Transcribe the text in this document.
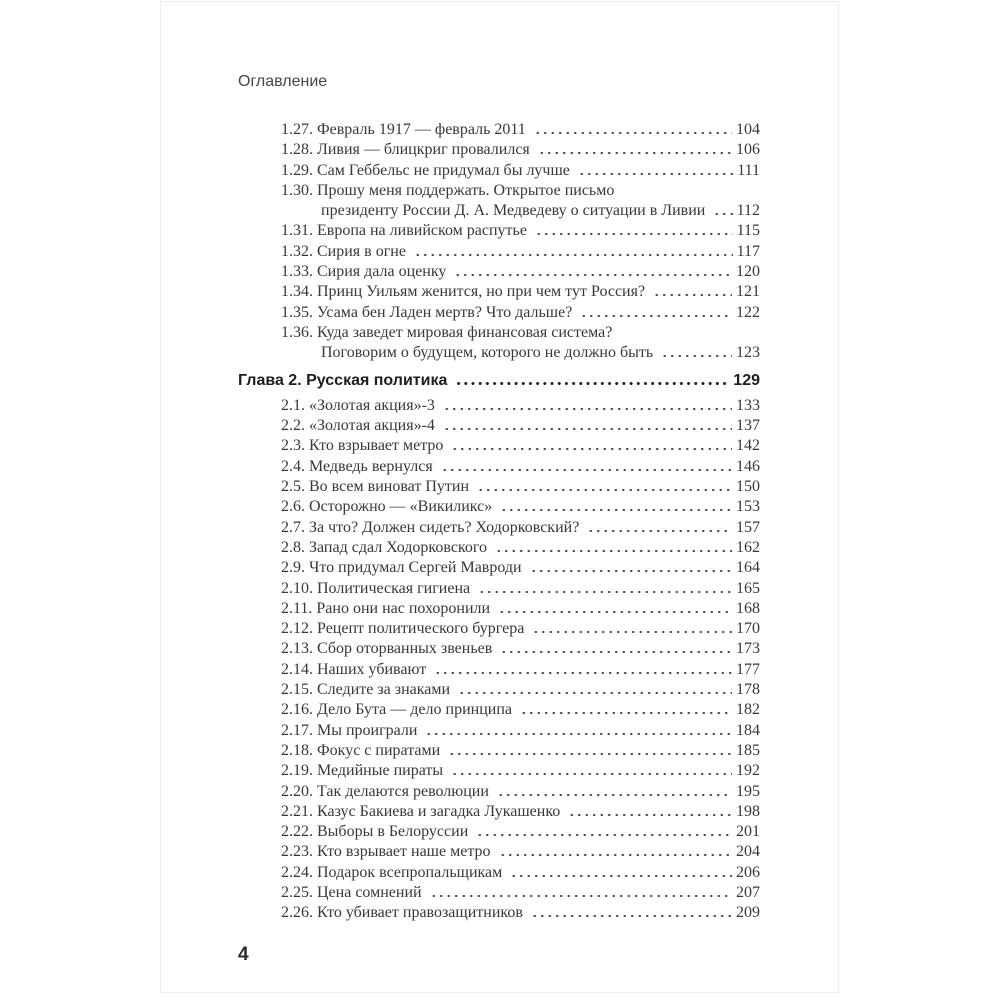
Оглавление
1.27. Февраль 1917 — февраль 2011	104
1.28. Ливия — блицкриг провалился	106
1.29. Сам Геббельс не придумал бы лучше	111
1.30. Прошу меня поддержать. Открытое письмо
президенту России Д. А. Медведеву о ситуации в Ливии 112
1.31. Европа на ливийском распутье	115
1.32. Сирия в огне	117
1.33. Сирия дала оценку	120
1.34. Принц Уильям женится, но при чем тут Россия?	121
1.35. Усама бен Ладен мертв? Что дальше?	122
1.36. Куда заведет мировая финансовая система?
Поговорим о будущем, которого не должно быть	123
Глава 2. Русская политика	129
2.1. «Золотая акция»-3	133
2.2. «Золотая акция»-4	137
2.3. Кто взрывает метро	142
2.4. Медведь вернулся	146
2.5. Во всем виноват Путин	150
2.6. Осторожно — «Викиликс»	153
2.7. За что? Должен сидеть? Ходорковский?	157
2.8. Запад сдал Ходорковского	162
2.9. Что придумал Сергей Мавроди	164
2.10. Политическая гигиена	165
2.11. Рано они нас похоронили	168
2.12. Рецепт политического бургера	170
2.13. Сбор оторванных звеньев	173
2.14. Наших убивают	177
2.15. Следите за знаками	178
2.16. Дело Бута — дело принципа	182
2.17. Мы проиграли	184
2.18. Фокус с пиратами	185
2.19. Медийные пираты	192
2.20. Так делаются революции	195
2.21. Казус Бакиева и загадка Лукашенко	198
2.22. Выборы в Белоруссии	201
2.23. Кто взрывает наше метро	204
2.24. Подарок всепропальщикам	206
2.25. Цена сомнений	207
2.26. Кто убивает правозащитников	209
4
